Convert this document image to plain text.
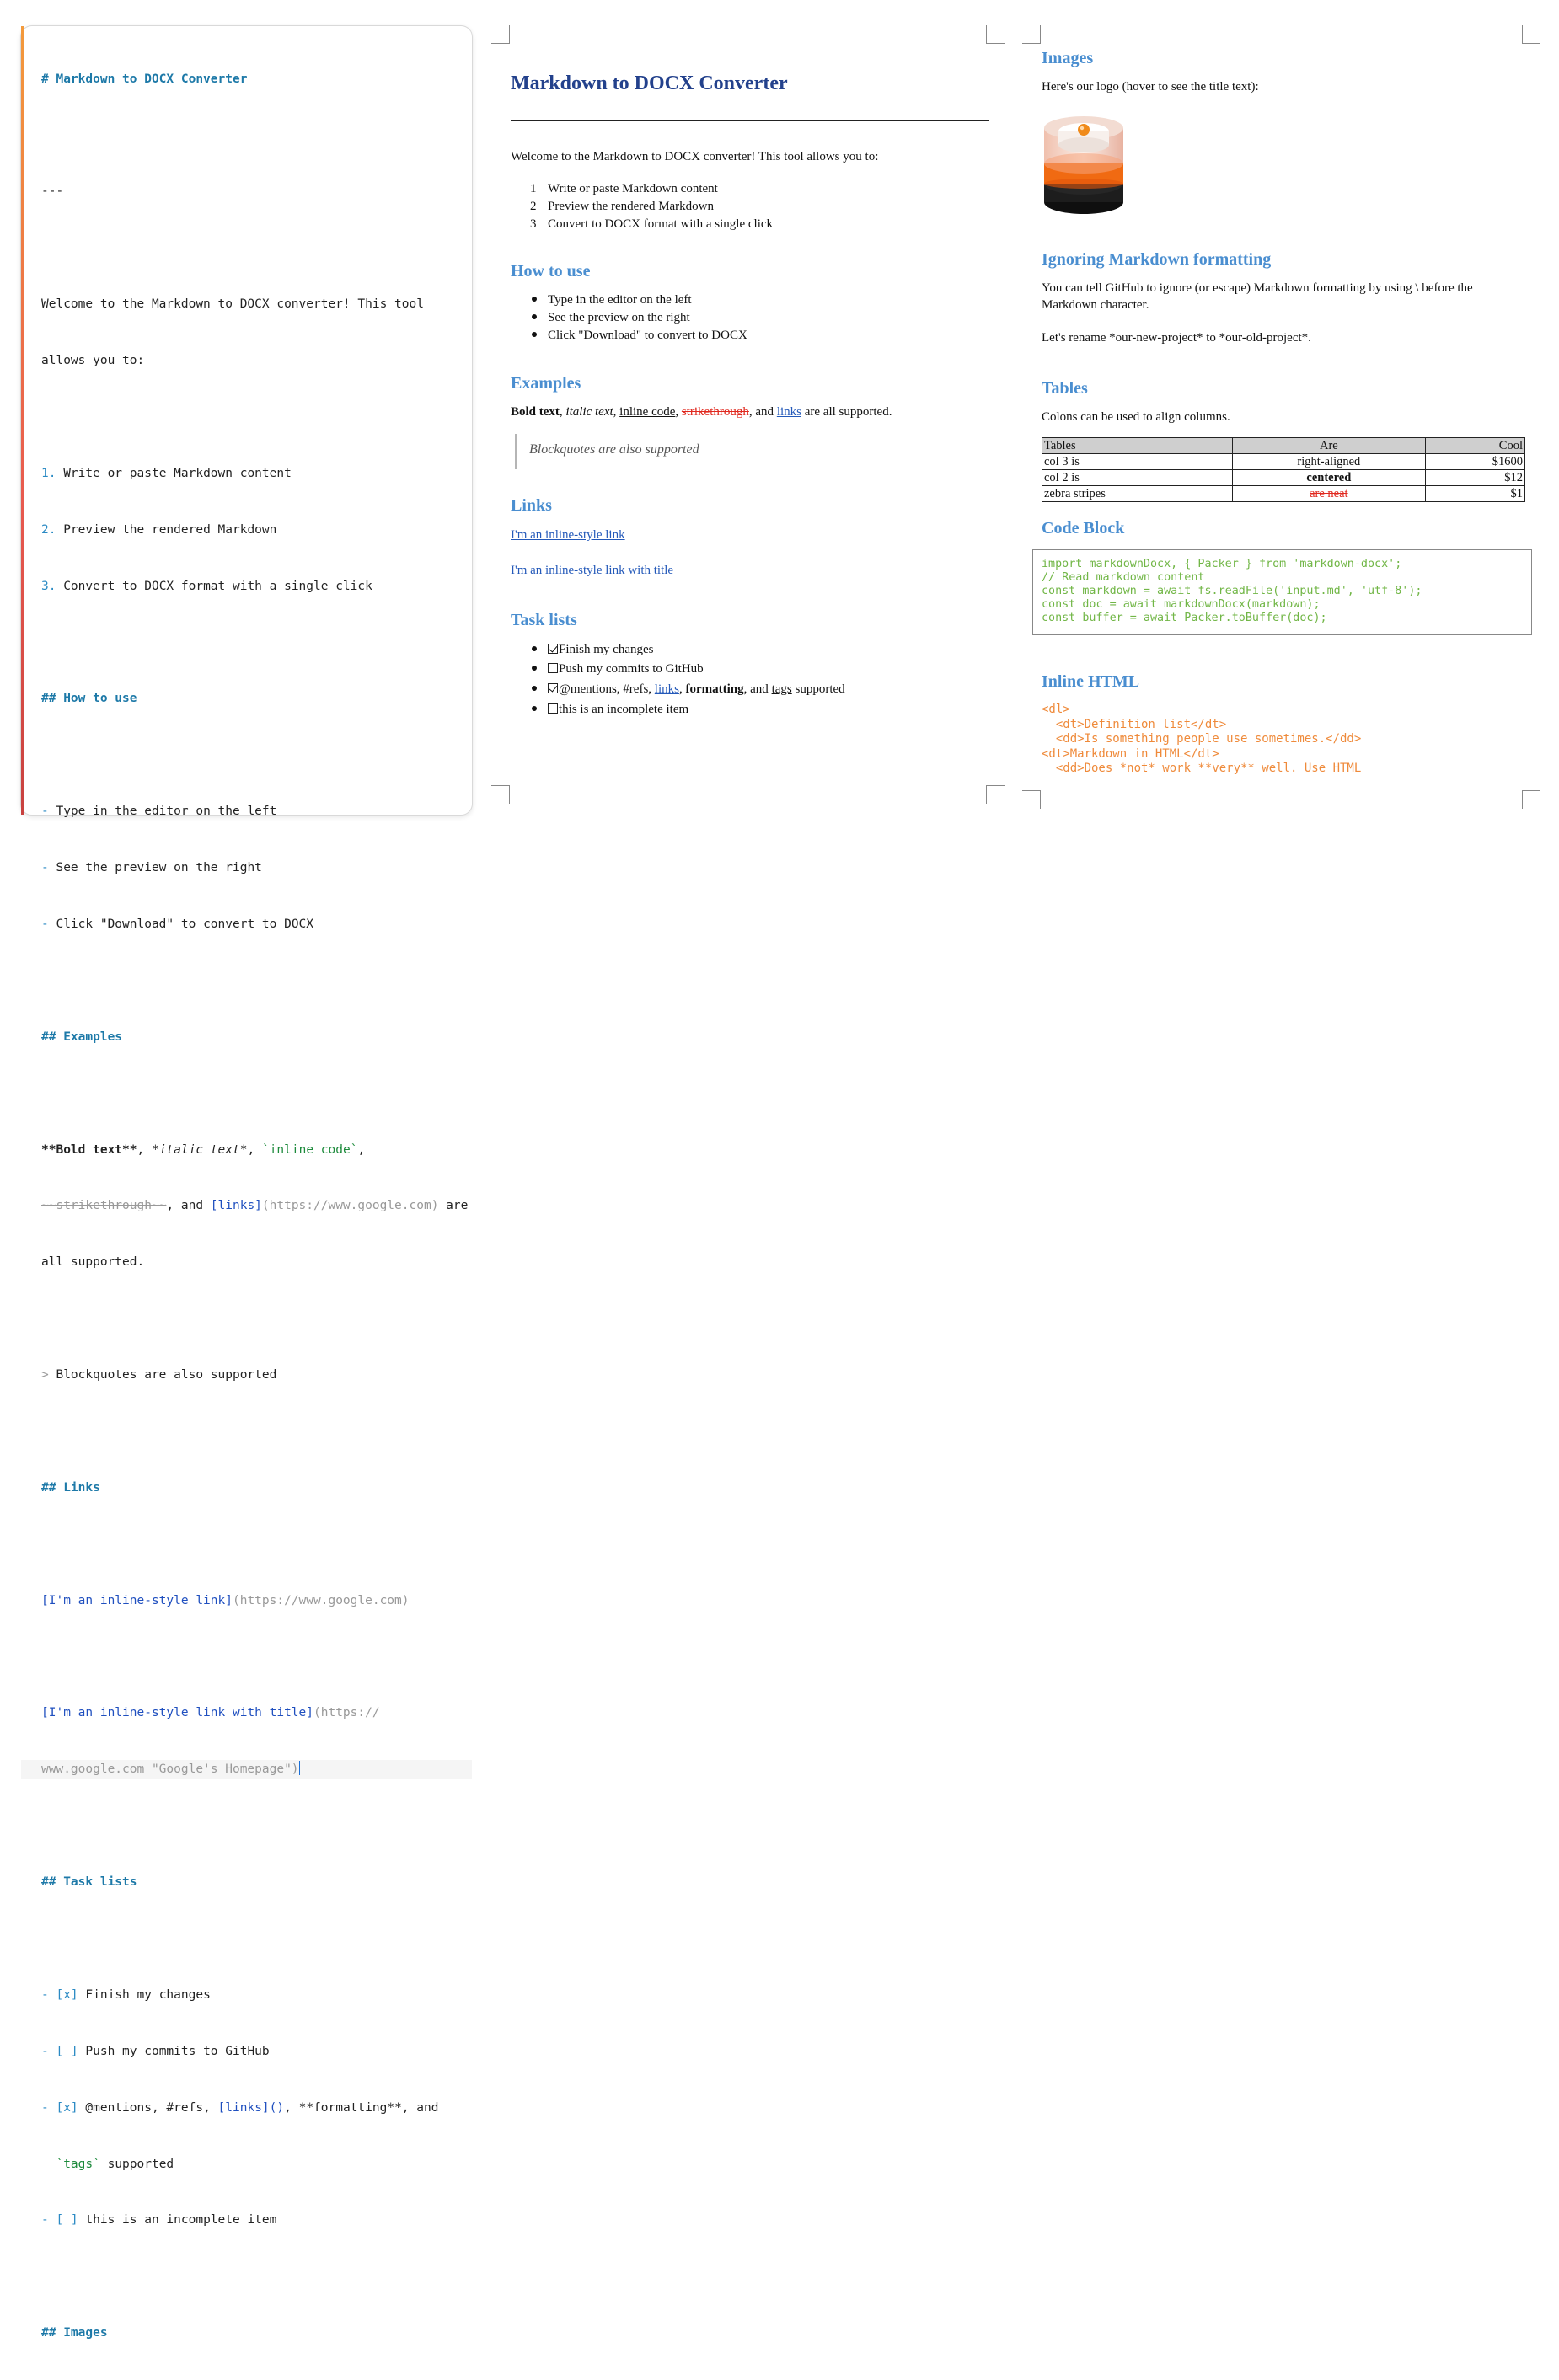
# Markdown to DOCX Converter

---

Welcome to the Markdown to DOCX converter! This tool

allows you to:

1. Write or paste Markdown content

2. Preview the rendered Markdown

3. Convert to DOCX format with a single click

## How to use

- Type in the editor on the left

- See the preview on the right

- Click "Download" to convert to DOCX

## Examples

**Bold text**, *italic text*, `inline code`,

~~strikethrough~~, and [links](https://www.google.com) are

all supported.

> Blockquotes are also supported

## Links

[I'm an inline-style link](https://www.google.com)

[I'm an inline-style link with title](https://

www.google.com "Google's Homepage")

## Task lists

- [x] Finish my changes

- [ ] Push my commits to GitHub

- [x] @mentions, #refs, [links](), **formatting**, and

`tags` supported

- [ ] this is an incomplete item

## Images

Markdown to DOCX Converter
Welcome to the Markdown to DOCX converter! This tool allows you to:
1 Write or paste Markdown content
2 Preview the rendered Markdown
3 Convert to DOCX format with a single click
How to use
Type in the editor on the left
See the preview on the right
Click "Download" to convert to DOCX
Examples
Bold text, italic text, inline code, strikethrough, and links are all supported.
Blockquotes are also supported
Links
I'm an inline-style link
I'm an inline-style link with title
Task lists
Finish my changes
Push my commits to GitHub
@mentions, #refs, links, formatting, and tags supported
this is an incomplete item
Images
Here's our logo (hover to see the title text):
Ignoring Markdown formatting
You can tell GitHub to ignore (or escape) Markdown formatting by using \ before the Markdown character.
Let's rename *our-new-project* to *our-old-project*.
Tables
Colons can be used to align columns.
Tables	Are	Cool
col 3 is	right-aligned	$1600
col 2 is	centered	$12
zebra stripes	are neat	$1
Code Block
import markdownDocx, { Packer } from 'markdown-docx';
// Read markdown content
const markdown = await fs.readFile('input.md', 'utf-8');
const doc = await markdownDocx(markdown);
const buffer = await Packer.toBuffer(doc);
Inline HTML
<dl>
<dt>Definition list</dt>
<dd>Is something people use sometimes.</dd>
<dt>Markdown in HTML</dt>
<dd>Does *not* work **very** well. Use HTML
